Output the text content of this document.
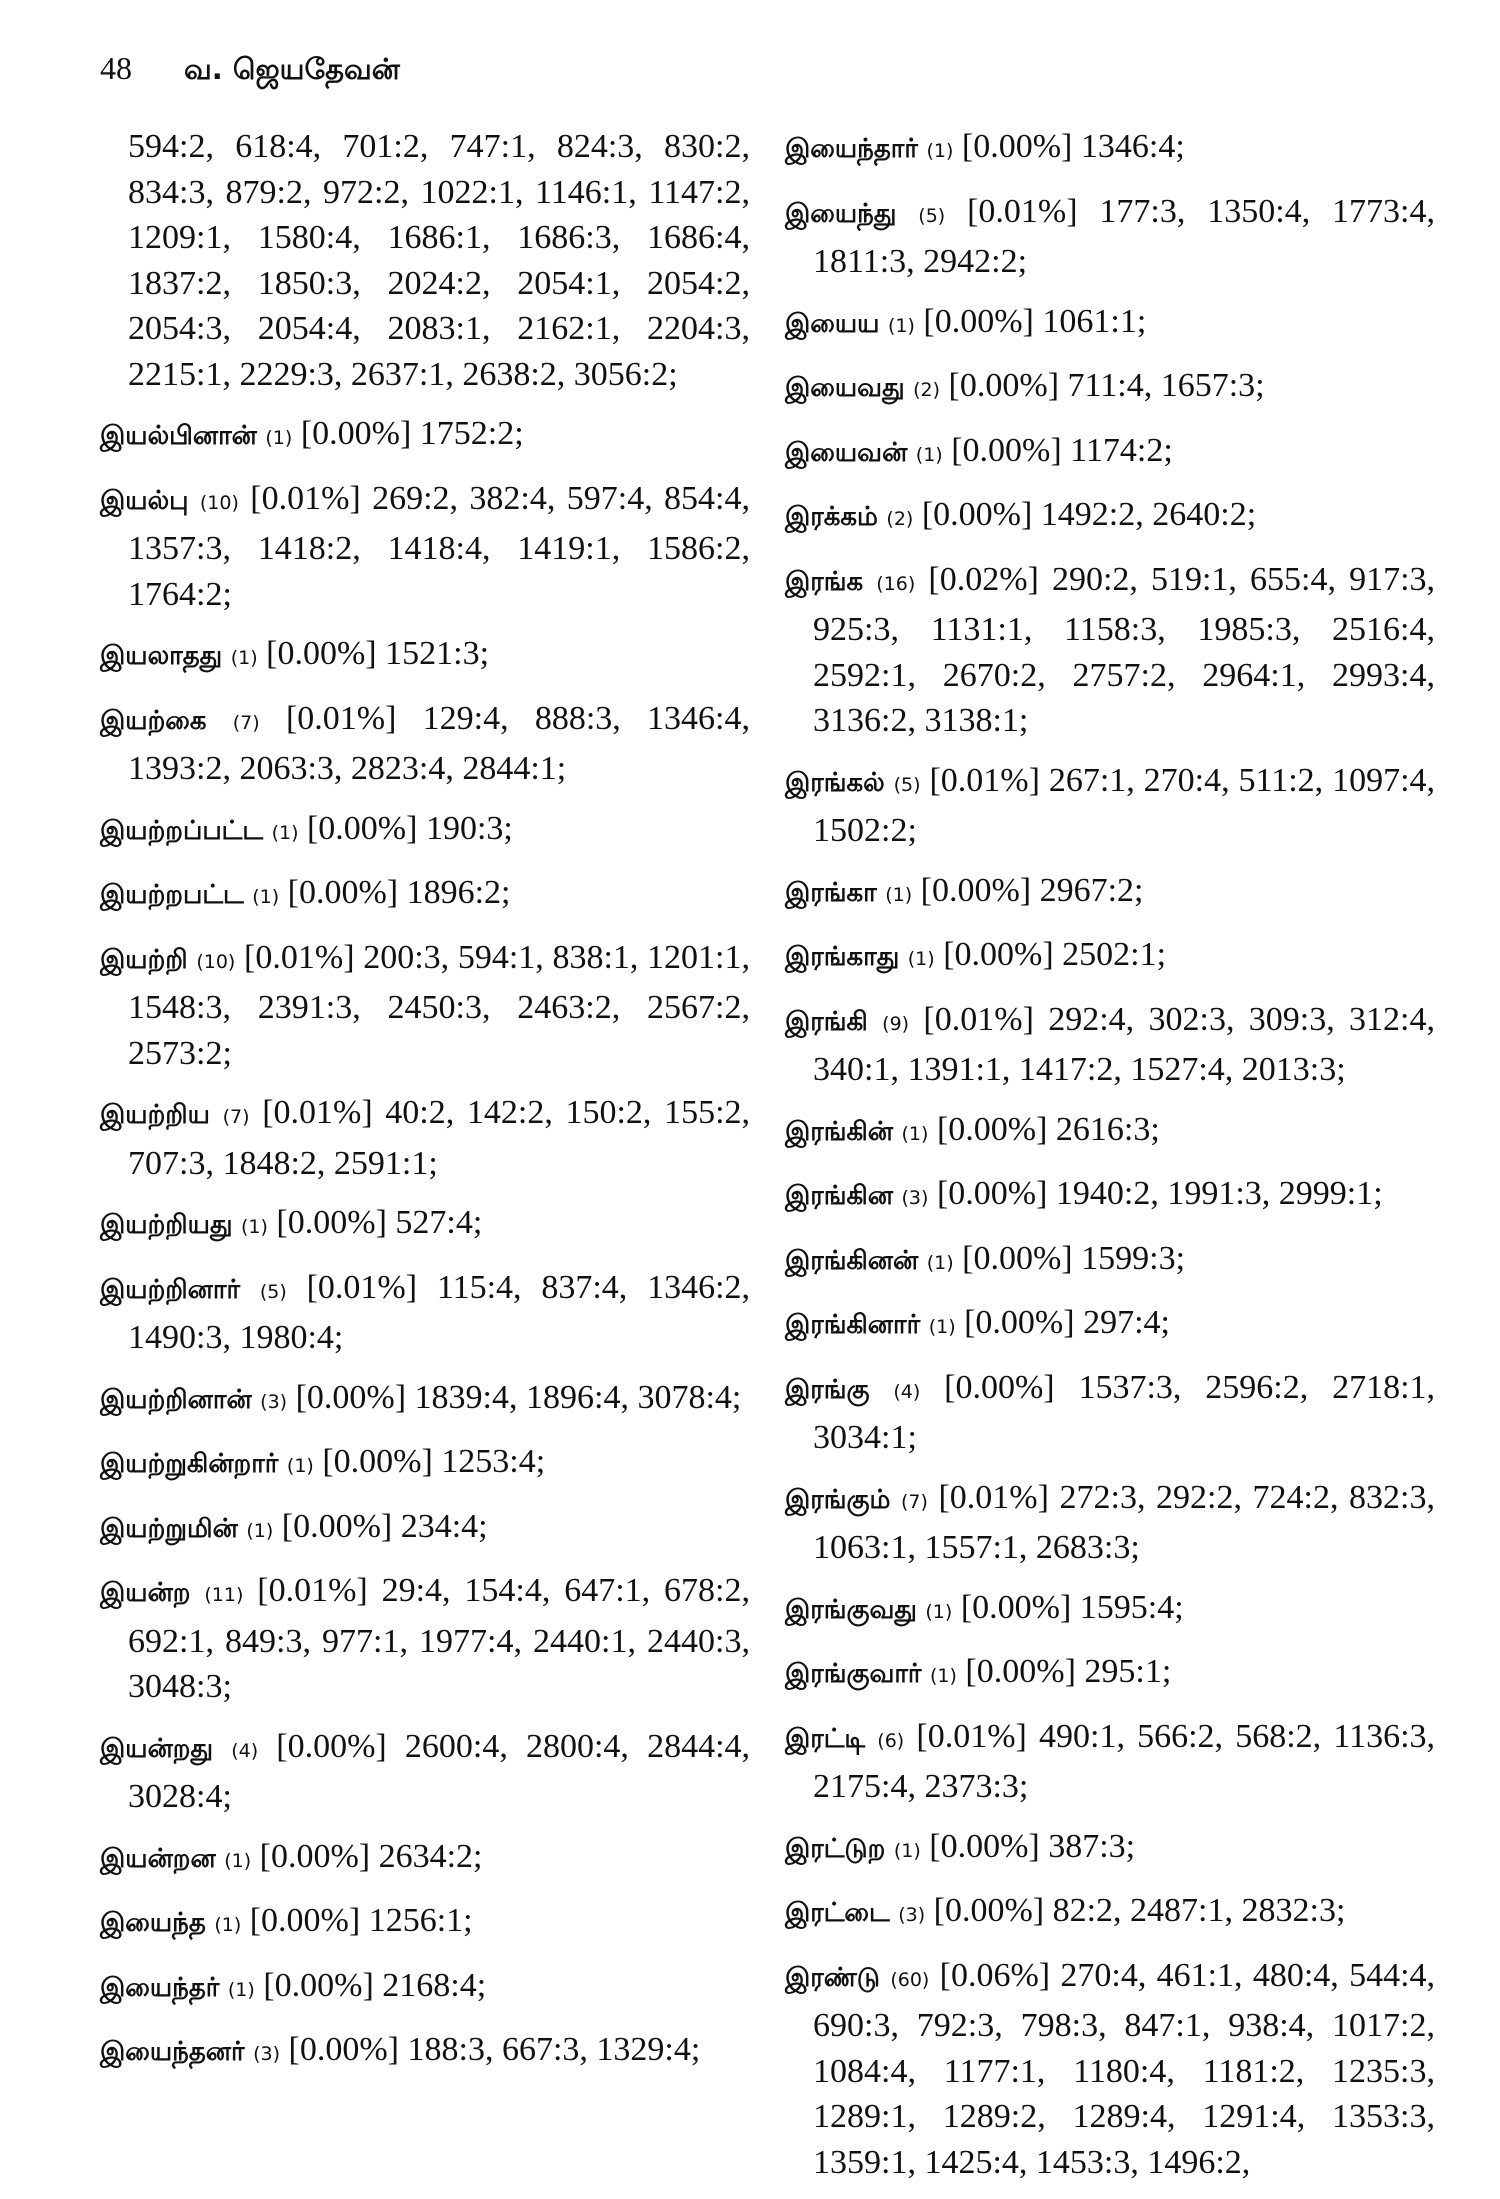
48 வ. ஜெயதேவன்
594:2, 618:4, 701:2, 747:1, 824:3, 830:2, 834:3, 879:2, 972:2, 1022:1, 1146:1, 1147:2, 1209:1, 1580:4, 1686:1, 1686:3, 1686:4, 1837:2, 1850:3, 2024:2, 2054:1, 2054:2, 2054:3, 2054:4, 2083:1, 2162:1, 2204:3, 2215:1, 2229:3, 2637:1, 2638:2, 3056:2;
இயல்பினான் (1) [0.00%] 1752:2;
இயல்பு (10) [0.01%] 269:2, 382:4, 597:4, 854:4, 1357:3, 1418:2, 1418:4, 1419:1, 1586:2, 1764:2;
இயலாதது (1) [0.00%] 1521:3;
இயற்கை (7) [0.01%] 129:4, 888:3, 1346:4, 1393:2, 2063:3, 2823:4, 2844:1;
இயற்றப்பட்ட (1) [0.00%] 190:3;
இயற்றபட்ட (1) [0.00%] 1896:2;
இயற்றி (10) [0.01%] 200:3, 594:1, 838:1, 1201:1, 1548:3, 2391:3, 2450:3, 2463:2, 2567:2, 2573:2;
இயற்றிய (7) [0.01%] 40:2, 142:2, 150:2, 155:2, 707:3, 1848:2, 2591:1;
இயற்றியது (1) [0.00%] 527:4;
இயற்றினார் (5) [0.01%] 115:4, 837:4, 1346:2, 1490:3, 1980:4;
இயற்றினான் (3) [0.00%] 1839:4, 1896:4, 3078:4;
இயற்றுகின்றார் (1) [0.00%] 1253:4;
இயற்றுமின் (1) [0.00%] 234:4;
இயன்ற (11) [0.01%] 29:4, 154:4, 647:1, 678:2, 692:1, 849:3, 977:1, 1977:4, 2440:1, 2440:3, 3048:3;
இயன்றது (4) [0.00%] 2600:4, 2800:4, 2844:4, 3028:4;
இயன்றன (1) [0.00%] 2634:2;
இயைந்த (1) [0.00%] 1256:1;
இயைந்தர் (1) [0.00%] 2168:4;
இயைந்தனர் (3) [0.00%] 188:3, 667:3, 1329:4;
இயைந்தார் (1) [0.00%] 1346:4;
இயைந்து (5) [0.01%] 177:3, 1350:4, 1773:4, 1811:3, 2942:2;
இயைய (1) [0.00%] 1061:1;
இயைவது (2) [0.00%] 711:4, 1657:3;
இயைவன் (1) [0.00%] 1174:2;
இரக்கம் (2) [0.00%] 1492:2, 2640:2;
இரங்க (16) [0.02%] 290:2, 519:1, 655:4, 917:3, 925:3, 1131:1, 1158:3, 1985:3, 2516:4, 2592:1, 2670:2, 2757:2, 2964:1, 2993:4, 3136:2, 3138:1;
இரங்கல் (5) [0.01%] 267:1, 270:4, 511:2, 1097:4, 1502:2;
இரங்கா (1) [0.00%] 2967:2;
இரங்காது (1) [0.00%] 2502:1;
இரங்கி (9) [0.01%] 292:4, 302:3, 309:3, 312:4, 340:1, 1391:1, 1417:2, 1527:4, 2013:3;
இரங்கின் (1) [0.00%] 2616:3;
இரங்கின (3) [0.00%] 1940:2, 1991:3, 2999:1;
இரங்கினன் (1) [0.00%] 1599:3;
இரங்கினார் (1) [0.00%] 297:4;
இரங்கு (4) [0.00%] 1537:3, 2596:2, 2718:1, 3034:1;
இரங்கும் (7) [0.01%] 272:3, 292:2, 724:2, 832:3, 1063:1, 1557:1, 2683:3;
இரங்குவது (1) [0.00%] 1595:4;
இரங்குவார் (1) [0.00%] 295:1;
இரட்டி (6) [0.01%] 490:1, 566:2, 568:2, 1136:3, 2175:4, 2373:3;
இரட்டுற (1) [0.00%] 387:3;
இரட்டை (3) [0.00%] 82:2, 2487:1, 2832:3;
இரண்டு (60) [0.06%] 270:4, 461:1, 480:4, 544:4, 690:3, 792:3, 798:3, 847:1, 938:4, 1017:2, 1084:4, 1177:1, 1180:4, 1181:2, 1235:3, 1289:1, 1289:2, 1289:4, 1291:4, 1353:3, 1359:1, 1425:4, 1453:3, 1496:2,
